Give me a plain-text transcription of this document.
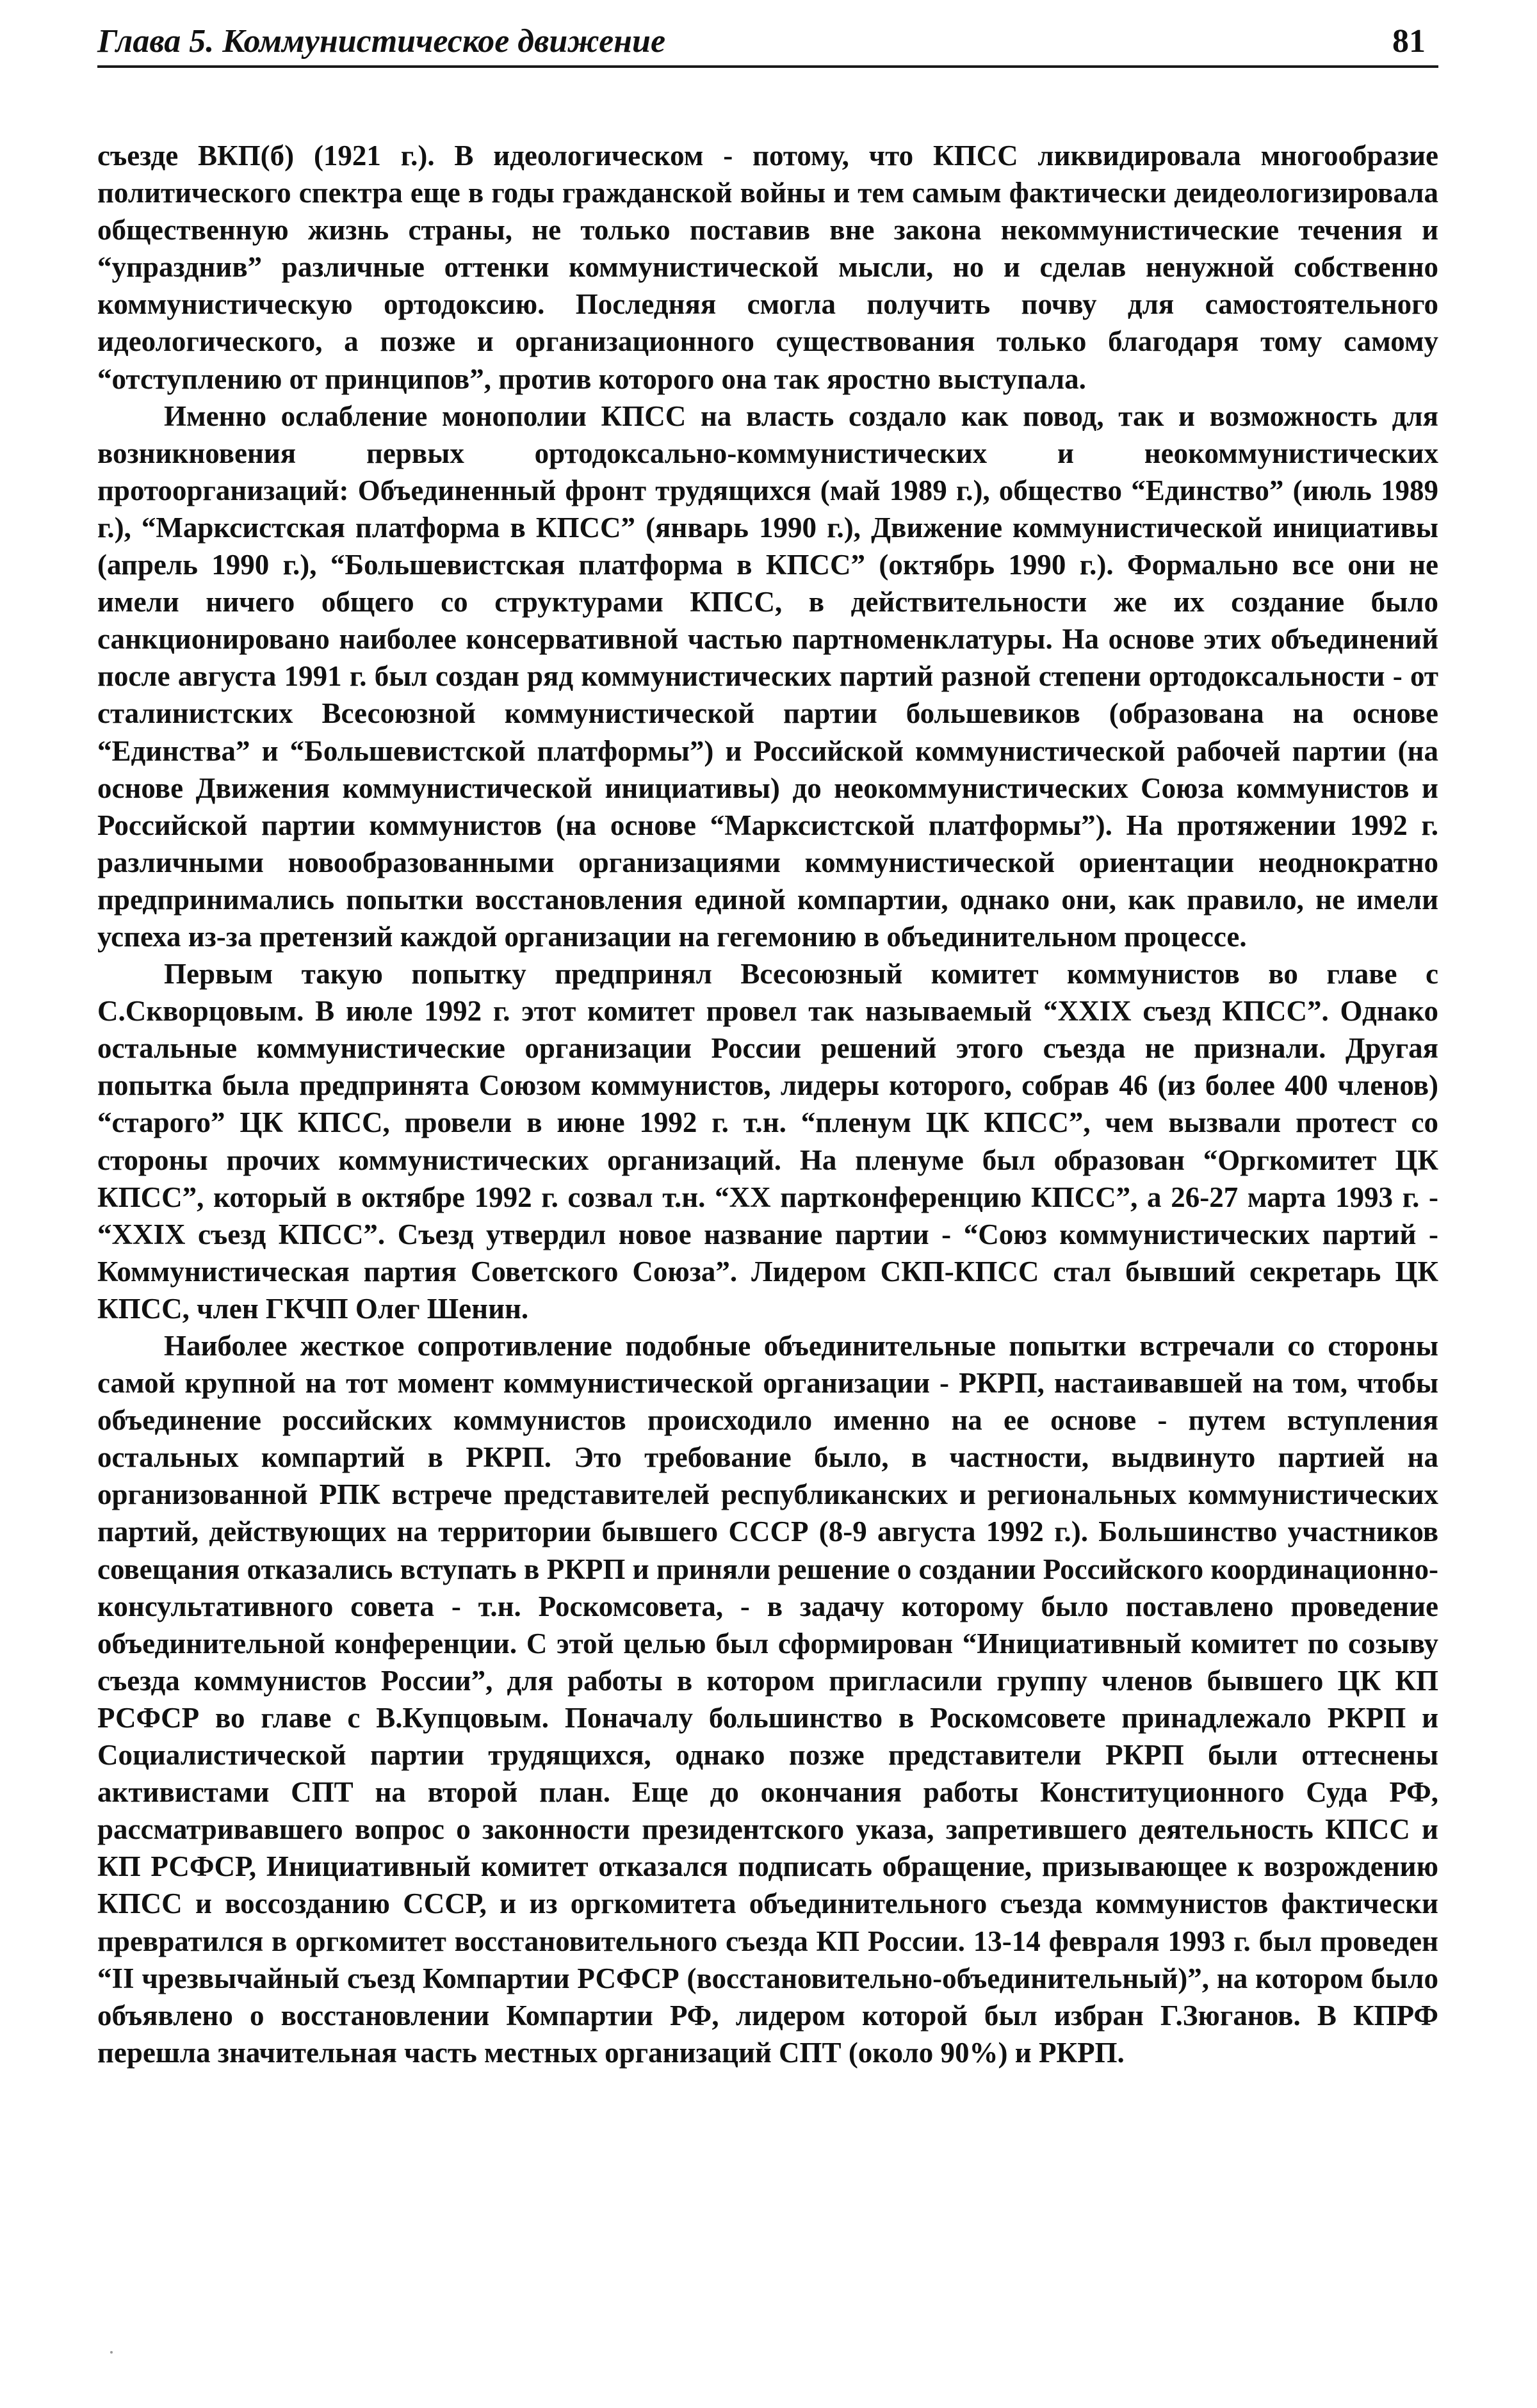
Глава 5. Коммунистическое движение	81

съезде ВКП(б) (1921 г.). В идеологическом - потому, что КПСС ликвидировала многообразие политического спектра еще в годы гражданской войны и тем самым фактически деидеологизировала общественную жизнь страны, не только поставив вне закона некоммунистические течения и “упразднив” различные оттенки коммунистической мысли, но и сделав ненужной собственно коммунистическую ортодоксию. Последняя смогла получить почву для самостоятельного идеологического, а позже и организационного существования только благодаря тому самому “отступлению от принципов”, против которого она так яростно выступала.

Именно ослабление монополии КПСС на власть создало как повод, так и возможность для возникновения первых ортодоксально-коммунистических и неокоммунистических протоорганизаций: Объединенный фронт трудящихся (май 1989 г.), общество “Единство” (июль 1989 г.), “Марксистская платформа в КПСС” (январь 1990 г.), Движение коммунистической инициативы (апрель 1990 г.), “Большевистская платформа в КПСС” (октябрь 1990 г.). Формально все они не имели ничего общего со структурами КПСС, в действительности же их создание было санкционировано наиболее консервативной частью партноменклатуры. На основе этих объединений после августа 1991 г. был создан ряд коммунистических партий разной степени ортодоксальности - от сталинистских Всесоюзной коммунистической партии большевиков (образована на основе “Единства” и “Большевистской платформы”) и Российской коммунистической рабочей партии (на основе Движения коммунистической инициативы) до неокоммунистических Союза коммунистов и Российской партии коммунистов (на основе “Марксистской платформы”). На протяжении 1992 г. различными новообразованными организациями коммунистической ориентации неоднократно предпринимались попытки восстановления единой компартии, однако они, как правило, не имели успеха из-за претензий каждой организации на гегемонию в объединительном процессе.

Первым такую попытку предпринял Всесоюзный комитет коммунистов во главе с С.Скворцовым. В июле 1992 г. этот комитет провел так называемый “XXIX съезд КПСС”. Однако остальные коммунистические организации России решений этого съезда не признали. Другая попытка была предпринята Союзом коммунистов, лидеры которого, собрав 46 (из более 400 членов) “старого” ЦК КПСС, провели в июне 1992 г. т.н. “пленум ЦК КПСС”, чем вызвали протест со стороны прочих коммунистических организаций. На пленуме был образован “Оргкомитет ЦК КПСС”, который в октябре 1992 г. созвал т.н. “XX партконференцию КПСС”, а 26-27 марта 1993 г. - “XXIX съезд КПСС”. Съезд утвердил новое название партии - “Союз коммунистических партий - Коммунистическая партия Советского Союза”. Лидером СКП-КПСС стал бывший секретарь ЦК КПСС, член ГКЧП Олег Шенин.

Наиболее жесткое сопротивление подобные объединительные попытки встречали со стороны самой крупной на тот момент коммунистической организации - РКРП, настаивавшей на том, чтобы объединение российских коммунистов происходило именно на ее основе - путем вступления остальных компартий в РКРП. Это требование было, в частности, выдвинуто партией на организованной РПК встрече представителей республиканских и региональных коммунистических партий, действующих на территории бывшего СССР (8-9 августа 1992 г.). Большинство участников совещания отказались вступать в РКРП и приняли решение о создании Российского координационно-консультативного совета - т.н. Роскомсовета, - в задачу которому было поставлено проведение объединительной конференции. С этой целью был сформирован “Инициативный комитет по созыву съезда коммунистов России”, для работы в котором пригласили группу членов бывшего ЦК КП РСФСР во главе с В.Купцовым. Поначалу большинство в Роскомсовете принадлежало РКРП и Социалистической партии трудящихся, однако позже представители РКРП были оттеснены активистами СПТ на второй план. Еще до окончания работы Конституционного Суда РФ, рассматривавшего вопрос о законности президентского указа, запретившего деятельность КПСС и КП РСФСР, Инициативный комитет отказался подписать обращение, призывающее к возрождению КПСС и воссозданию СССР, и из оргкомитета объединительного съезда коммунистов фактически превратился в оргкомитет восстановительного съезда КП России. 13-14 февраля 1993 г. был проведен “II чрезвычайный съезд Компартии РСФСР (восстановительно-объединительный)”, на котором было объявлено о восстановлении Компартии РФ, лидером которой был избран Г.Зюганов. В КПРФ перешла значительная часть местных организаций СПТ (около 90%) и РКРП.
